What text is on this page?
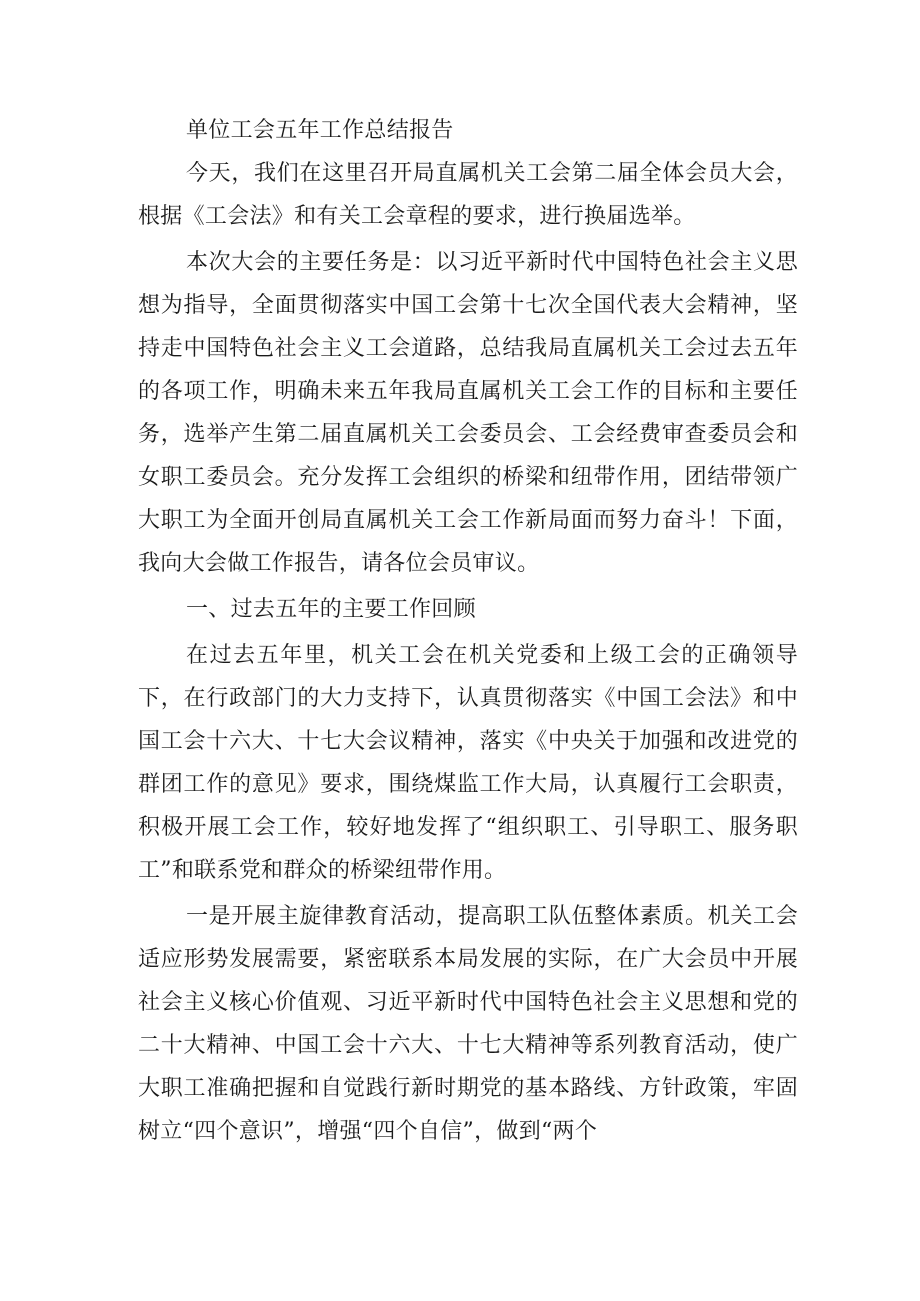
单位工会五年工作总结报告

今天，我们在这里召开局直属机关工会第二届全体会员大会，根据《工会法》和有关工会章程的要求，进行换届选举。

本次大会的主要任务是：以习近平新时代中国特色社会主义思想为指导，全面贯彻落实中国工会第十七次全国代表大会精神，坚持走中国特色社会主义工会道路，总结我局直属机关工会过去五年的各项工作，明确未来五年我局直属机关工会工作的目标和主要任务，选举产生第二届直属机关工会委员会、工会经费审查委员会和女职工委员会。充分发挥工会组织的桥梁和纽带作用，团结带领广大职工为全面开创局直属机关工会工作新局面而努力奋斗！下面，我向大会做工作报告，请各位会员审议。

一、过去五年的主要工作回顾

在过去五年里，机关工会在机关党委和上级工会的正确领导下，在行政部门的大力支持下，认真贯彻落实《中国工会法》和中国工会十六大、十七大会议精神，落实《中央关于加强和改进党的群团工作的意见》要求，围绕煤监工作大局，认真履行工会职责，积极开展工会工作，较好地发挥了“组织职工、引导职工、服务职工”和联系党和群众的桥梁纽带作用。

一是开展主旋律教育活动，提高职工队伍整体素质。机关工会适应形势发展需要，紧密联系本局发展的实际，在广大会员中开展社会主义核心价值观、习近平新时代中国特色社会主义思想和党的二十大精神、中国工会十六大、十七大精神等系列教育活动，使广大职工准确把握和自觉践行新时期党的基本路线、方针政策，牢固树立“四个意识”，增强“四个自信”，做到“两个
